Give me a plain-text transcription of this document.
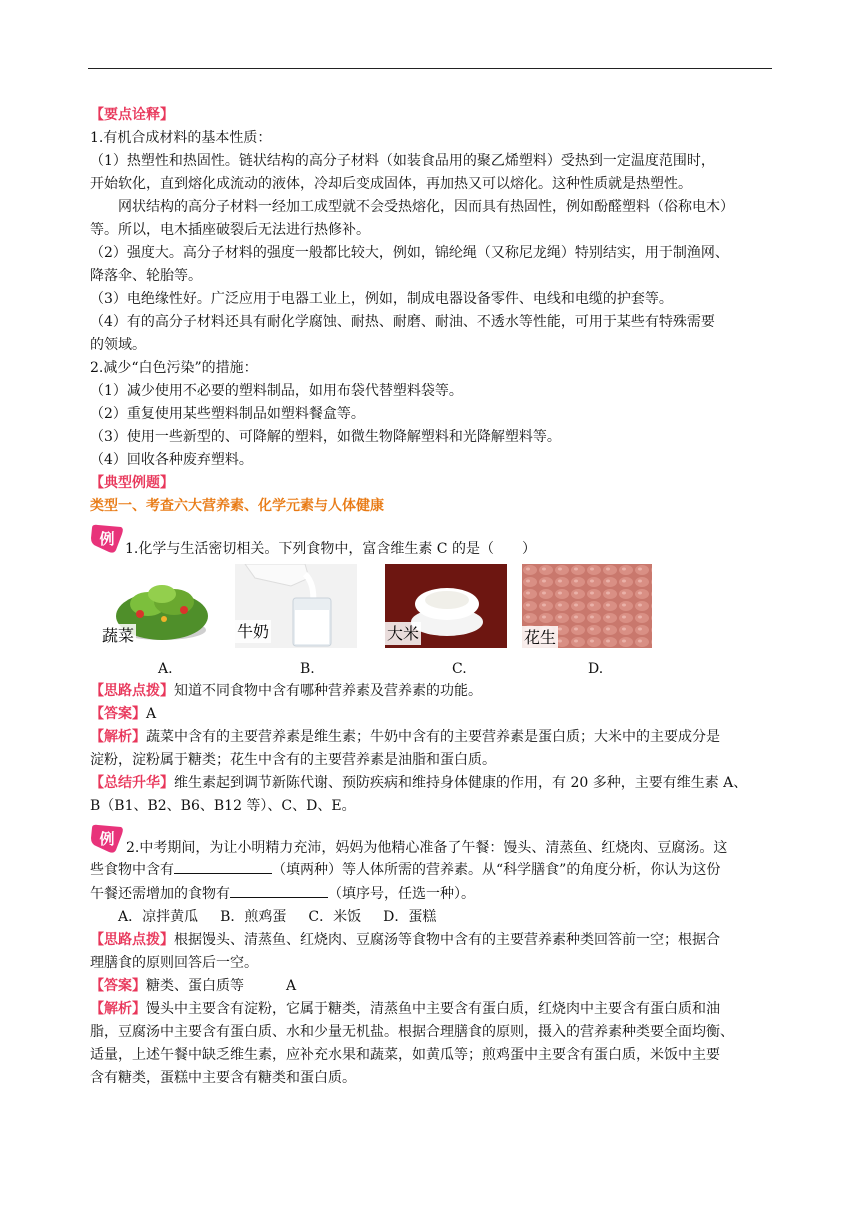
【要点诠释】

1.有机合成材料的基本性质：

（1）热塑性和热固性。链状结构的高分子材料（如装食品用的聚乙烯塑料）受热到一定温度范围时，

开始软化，直到熔化成流动的液体，冷却后变成固体，再加热又可以熔化。这种性质就是热塑性。

网状结构的高分子材料一经加工成型就不会受热熔化，因而具有热固性，例如酚醛塑料（俗称电木）

等。所以，电木插座破裂后无法进行热修补。

（2）强度大。高分子材料的强度一般都比较大，例如，锦纶绳（又称尼龙绳）特别结实，用于制渔网、

降落伞、轮胎等。

（3）电绝缘性好。广泛应用于电器工业上，例如，制成电器设备零件、电线和电缆的护套等。

（4）有的高分子材料还具有耐化学腐蚀、耐热、耐磨、耐油、不透水等性能，可用于某些有特殊需要

的领域。

2.减少“白色污染”的措施：

（1）减少使用不必要的塑料制品，如用布袋代替塑料袋等。

（2）重复使用某些塑料制品如塑料餐盒等。

（3）使用一些新型的、可降解的塑料，如微生物降解塑料和光降解塑料等。

（4）回收各种废弃塑料。

【典型例题】

类型一、考查六大营养素、化学元素与人体健康

例
1.化学与生活密切相关。下列食物中，富含维生素 C 的是（　　）
蔬菜	牛奶	大米	花生
A.	B.	C.	D.

【思路点拨】知道不同食物中含有哪种营养素及营养素的功能。

【答案】A

【解析】蔬菜中含有的主要营养素是维生素；牛奶中含有的主要营养素是蛋白质；大米中的主要成分是

淀粉，淀粉属于糖类；花生中含有的主要营养素是油脂和蛋白质。

【总结升华】维生素起到调节新陈代谢、预防疾病和维持身体健康的作用，有 20 多种，主要有维生素 A、

B（B1、B2、B6、B12 等）、C、D、E。

例 2.中考期间，为让小明精力充沛，妈妈为他精心准备了午餐：馒头、清蒸鱼、红烧肉、豆腐汤。这

些食物中含有	（填两种）等人体所需的营养素。从“科学膳食”的角度分析，你认为这份

午餐还需增加的食物有	（填序号，任选一种）。

A．凉拌黄瓜 B．煎鸡蛋 C．米饭 D．蛋糕

【思路点拨】根据馒头、清蒸鱼、红烧肉、豆腐汤等食物中含有的主要营养素种类回答前一空；根据合

理膳食的原则回答后一空。

【答案】糖类、蛋白质等　　　A

【解析】馒头中主要含有淀粉，它属于糖类，清蒸鱼中主要含有蛋白质，红烧肉中主要含有蛋白质和油

脂，豆腐汤中主要含有蛋白质、水和少量无机盐。根据合理膳食的原则，摄入的营养素种类要全面均衡、

适量，上述午餐中缺乏维生素，应补充水果和蔬菜，如黄瓜等；煎鸡蛋中主要含有蛋白质，米饭中主要

含有糖类，蛋糕中主要含有糖类和蛋白质。
